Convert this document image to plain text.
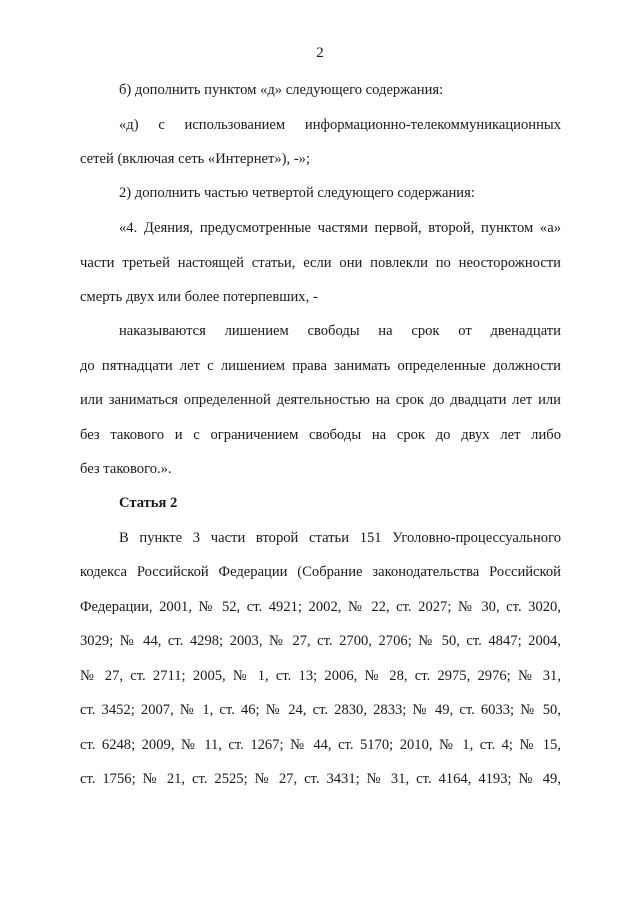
2
б) дополнить пунктом «д» следующего содержания:
«д) с использованием информационно-телекоммуникационных
сетей (включая сеть «Интернет»), -»;
2) дополнить частью четвертой следующего содержания:
«4. Деяния, предусмотренные частями первой, второй, пунктом «а»
части третьей настоящей статьи, если они повлекли по неосторожности
смерть двух или более потерпевших, -
наказываются лишением свободы на срок от двенадцати
до пятнадцати лет с лишением права занимать определенные должности
или заниматься определенной деятельностью на срок до двадцати лет или
без такового и с ограничением свободы на срок до двух лет либо
без такового.».
Статья 2
В пункте 3 части второй статьи 151 Уголовно-процессуального
кодекса Российской Федерации (Собрание законодательства Российской
Федерации, 2001, № 52, ст. 4921; 2002, № 22, ст. 2027; № 30, ст. 3020,
3029; № 44, ст. 4298; 2003, № 27, ст. 2700, 2706; № 50, ст. 4847; 2004,
№ 27, ст. 2711; 2005, № 1, ст. 13; 2006, № 28, ст. 2975, 2976; № 31,
ст. 3452; 2007, № 1, ст. 46; № 24, ст. 2830, 2833; № 49, ст. 6033; № 50,
ст. 6248; 2009, № 11, ст. 1267; № 44, ст. 5170; 2010, № 1, ст. 4; № 15,
ст. 1756; № 21, ст. 2525; № 27, ст. 3431; № 31, ст. 4164, 4193; № 49,
